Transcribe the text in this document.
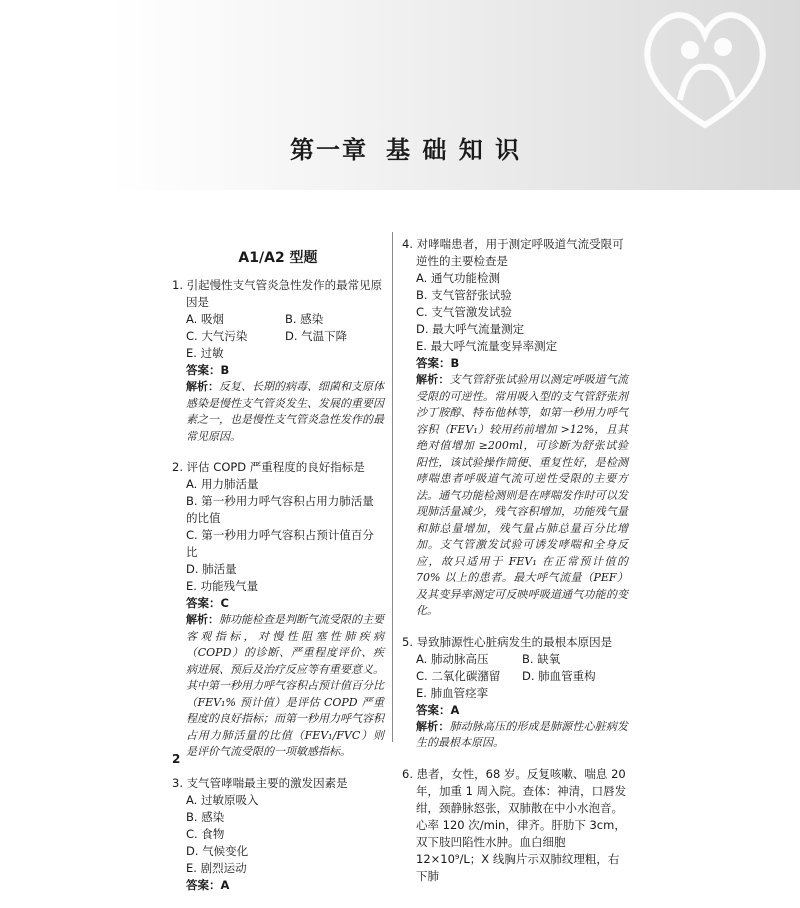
第一章 基 础 知 识
A1/A2 型题
1. 引起慢性支气管炎急性发作的最常见原因是
A. 吸烟	B. 感染
C. 大气污染	D. 气温下降
E. 过敏
答案：B
解析：反复、长期的病毒、细菌和支原体感染是慢性支气管炎发生、发展的重要因素之一，也是慢性支气管炎急性发作的最常见原因。
2. 评估 COPD 严重程度的良好指标是
A. 用力肺活量
B. 第一秒用力呼气容积占用力肺活量的比值
C. 第一秒用力呼气容积占预计值百分比
D. 肺活量
E. 功能残气量
答案：C
解析：肺功能检查是判断气流受限的主要客观指标，对慢性阻塞性肺疾病（COPD）的诊断、严重程度评价、疾病进展、预后及治疗反应等有重要意义。其中第一秒用力呼气容积占预计值百分比（FEV₁% 预计值）是评估 COPD 严重程度的良好指标；而第一秒用力呼气容积占用力肺活量的比值（FEV₁/FVC）则是评价气流受限的一项敏感指标。
3. 支气管哮喘最主要的激发因素是
A. 过敏原吸入
B. 感染
C. 食物
D. 气候变化
E. 剧烈运动
答案：A
4. 对哮喘患者，用于测定呼吸道气流受限可逆性的主要检查是
A. 通气功能检测
B. 支气管舒张试验
C. 支气管激发试验
D. 最大呼气流量测定
E. 最大呼气流量变异率测定
答案：B
解析：支气管舒张试验用以测定呼吸道气流受限的可逆性。常用吸入型的支气管舒张剂沙丁胺醇、特布他林等，如第一秒用力呼气容积（FEV₁）较用药前增加 >12%，且其绝对值增加 ≥200ml，可诊断为舒张试验阳性，该试验操作简便、重复性好，是检测哮喘患者呼吸道气流可逆性受限的主要方法。通气功能检测则是在哮喘发作时可以发现肺活量减少，残气容积增加，功能残气量和肺总量增加，残气量占肺总量百分比增加。支气管激发试验可诱发哮喘和全身反应，故只适用于 FEV₁ 在正常预计值的 70% 以上的患者。最大呼气流量（PEF）及其变异率测定可反映呼吸道通气功能的变化。
5. 导致肺源性心脏病发生的最根本原因是
A. 肺动脉高压	B. 缺氧
C. 二氧化碳潴留	D. 肺血管重构
E. 肺血管痉挛
答案：A
解析：肺动脉高压的形成是肺源性心脏病发生的最根本原因。
6. 患者，女性，68 岁。反复咳嗽、喘息 20 年，加重 1 周入院。查体：神清，口唇发绀，颈静脉怒张，双肺散在中小水泡音。心率 120 次/min，律齐。肝肋下 3cm，双下肢凹陷性水肿。血白细胞 12×10⁹/L；X 线胸片示双肺纹理粗，右下肺
2
